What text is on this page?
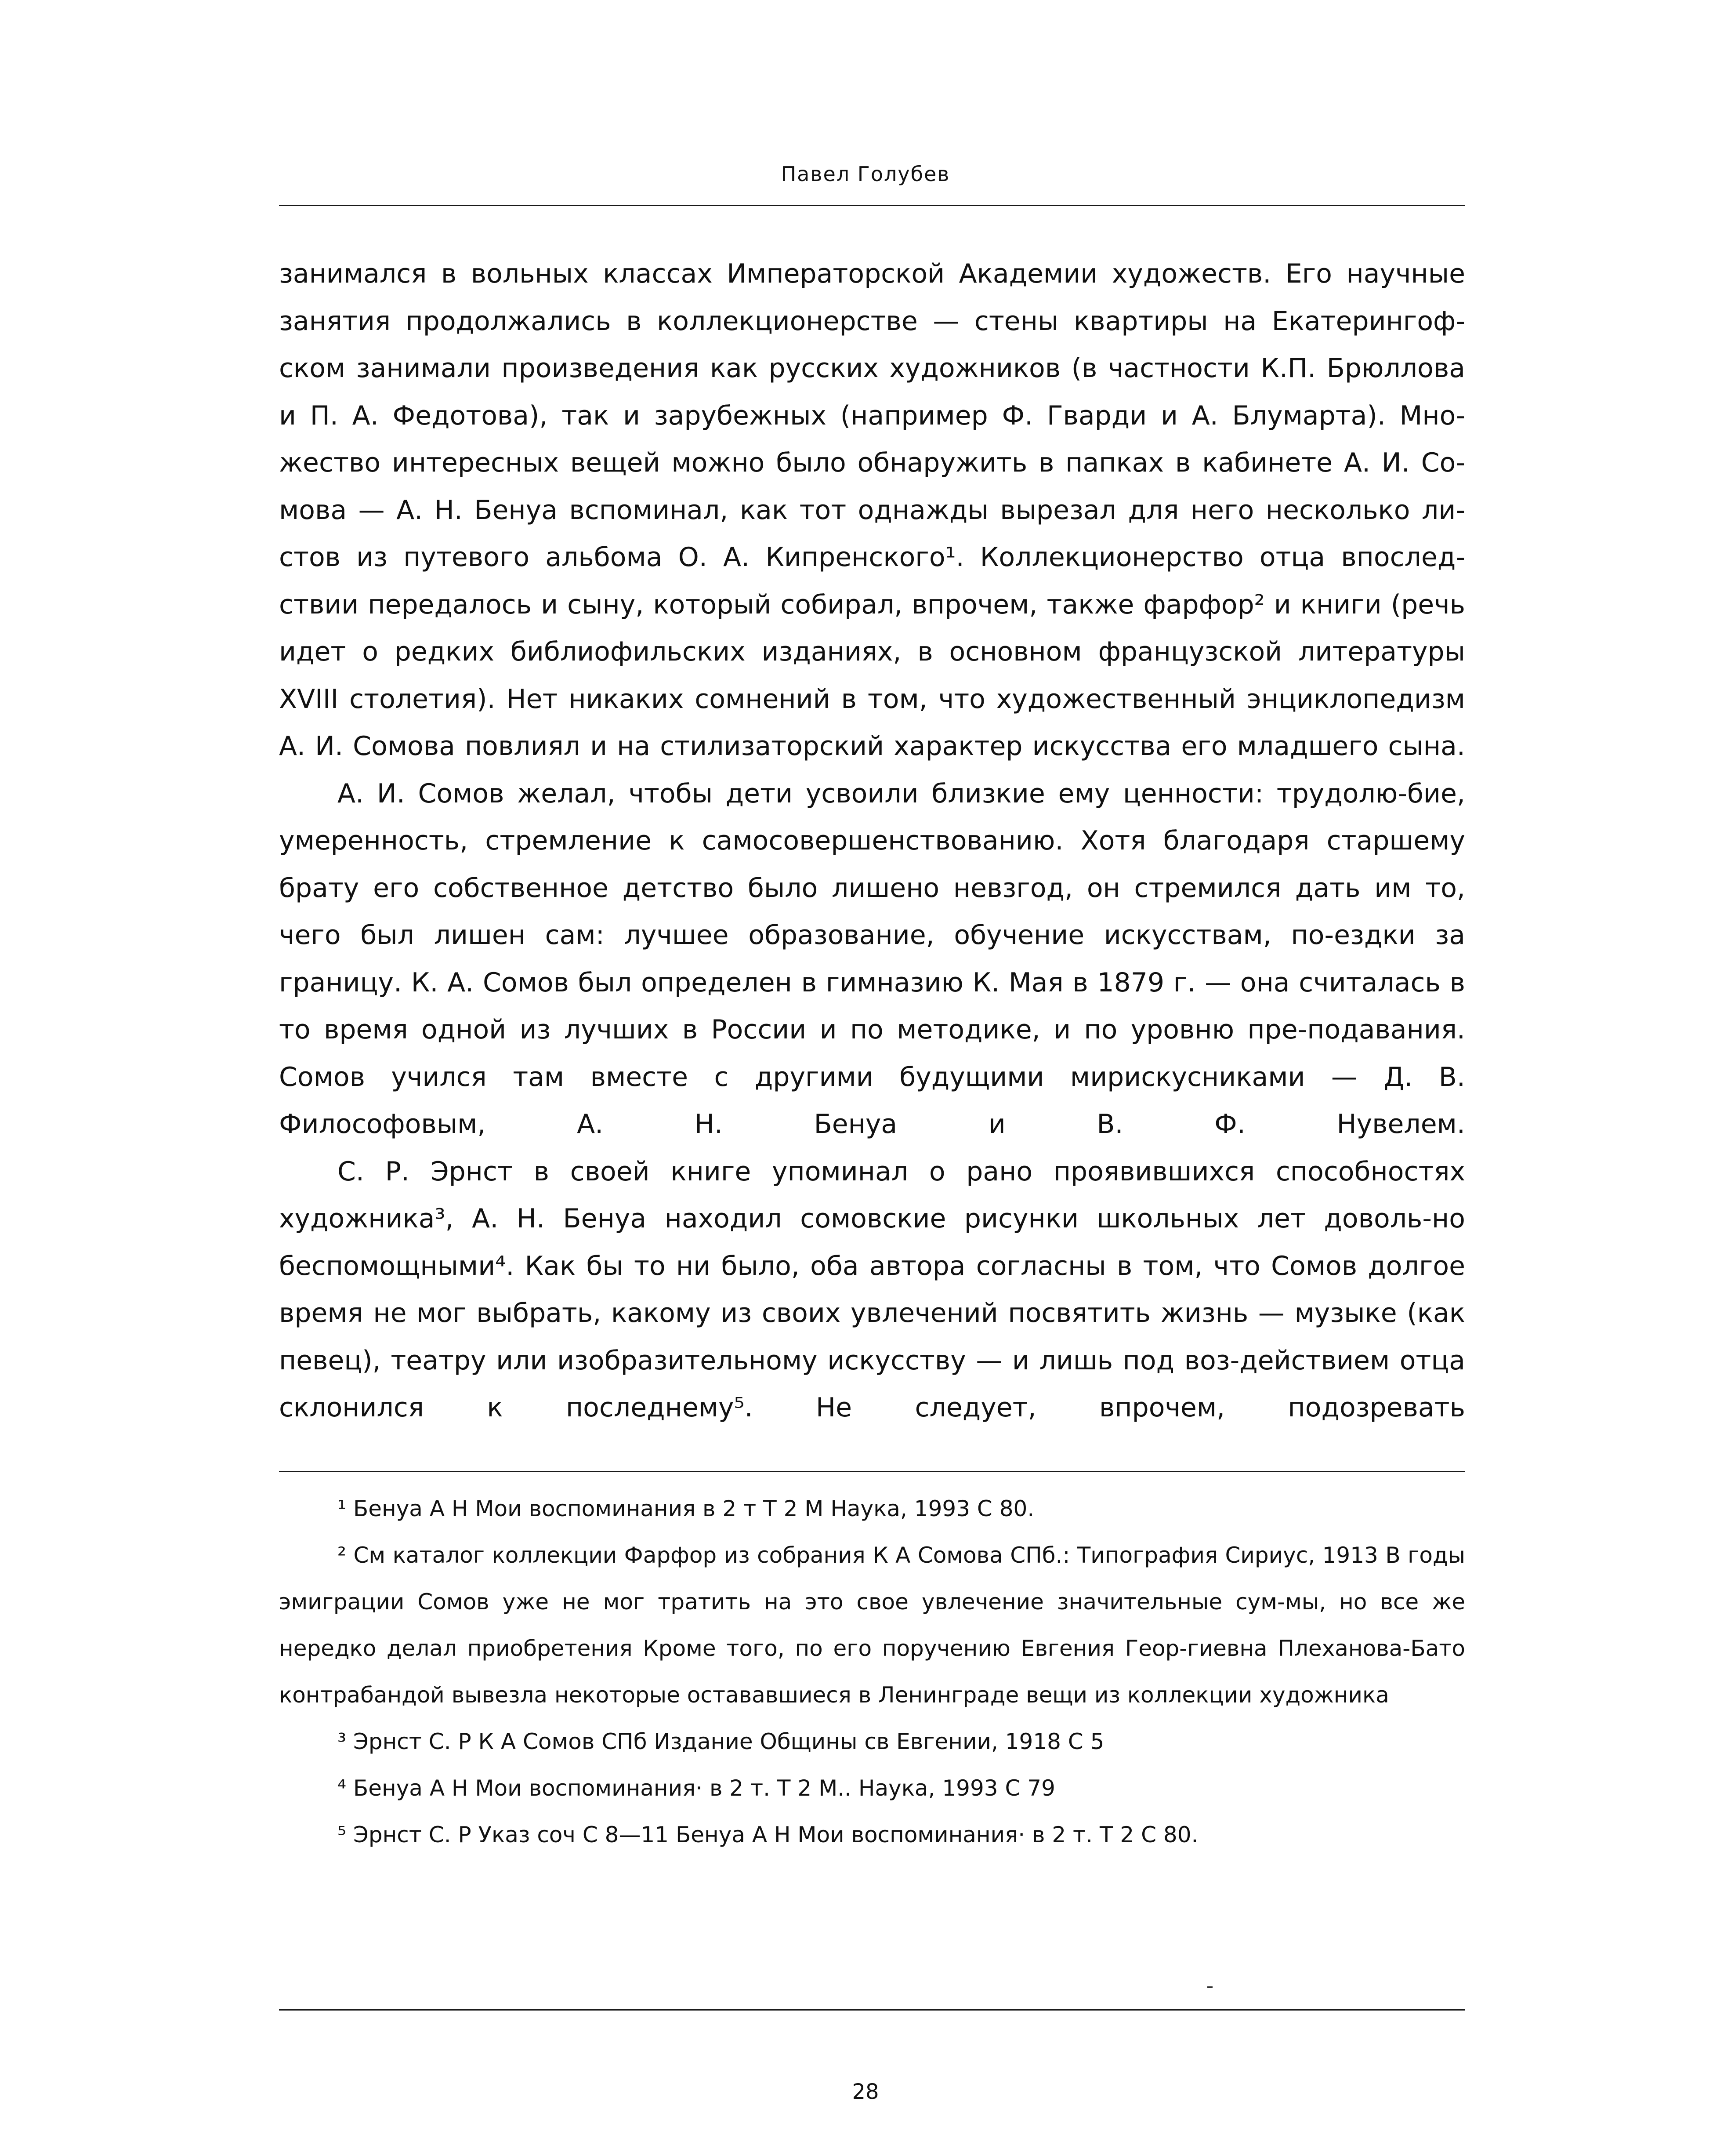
Павел Голубев

занимался в вольных классах Императорской Академии художеств. Его научные занятия продолжались в коллекционерстве — стены квартиры на Екатерингоф-ском занимали произведения как русских художников (в частности К.П. Брюллова и П. А. Федотова), так и зарубежных (например Ф. Гварди и А. Блумарта). Мно-жество интересных вещей можно было обнаружить в папках в кабинете А. И. Со-мова — А. Н. Бенуа вспоминал, как тот однажды вырезал для него несколько ли-стов из путевого альбома О. А. Кипренского¹. Коллекционерство отца впослед-ствии передалось и сыну, который собирал, впрочем, также фарфор² и книги (речь идет о редких библиофильских изданиях, в основном французской литературы XVIII столетия). Нет никаких сомнений в том, что художественный энциклопедизм А. И. Сомова повлиял и на стилизаторский характер искусства его младшего сына.

А. И. Сомов желал, чтобы дети усвоили близкие ему ценности: трудолю-бие, умеренность, стремление к самосовершенствованию. Хотя благодаря старшему брату его собственное детство было лишено невзгод, он стремился дать им то, чего был лишен сам: лучшее образование, обучение искусствам, по-ездки за границу. К. А. Сомов был определен в гимназию К. Мая в 1879 г. — она считалась в то время одной из лучших в России и по методике, и по уровню пре-подавания. Сомов учился там вместе с другими будущими мирискусниками — Д. В. Философовым, А. Н. Бенуа и В. Ф. Нувелем.

С. Р. Эрнст в своей книге упоминал о рано проявившихся способностях художника³, А. Н. Бенуа находил сомовские рисунки школьных лет доволь-но беспомощными⁴. Как бы то ни было, оба автора согласны в том, что Сомов долгое время не мог выбрать, какому из своих увлечений посвятить жизнь — музыке (как певец), театру или изобразительному искусству — и лишь под воз-действием отца склонился к последнему⁵. Не следует, впрочем, подозревать

¹ Бенуа А Н Мои воспоминания в 2 т Т 2 М Наука, 1993 С 80.

² См каталог коллекции Фарфор из собрания К А Сомова СПб.: Типография Сириус, 1913 В годы эмиграции Сомов уже не мог тратить на это свое увлечение значительные сум-мы, но все же нередко делал приобретения Кроме того, по его поручению Евгения Геор-гиевна Плеханова-Бато контрабандой вывезла некоторые остававшиеся в Ленинграде вещи из коллекции художника

³ Эрнст С. Р К А Сомов СПб Издание Общины св Евгении, 1918 С 5

⁴ Бенуа А Н Мои воспоминания· в 2 т. Т 2 М.. Наука, 1993 С 79

⁵ Эрнст С. Р Указ соч С 8—11 Бенуа А Н Мои воспоминания· в 2 т. Т 2 С 80.

28
